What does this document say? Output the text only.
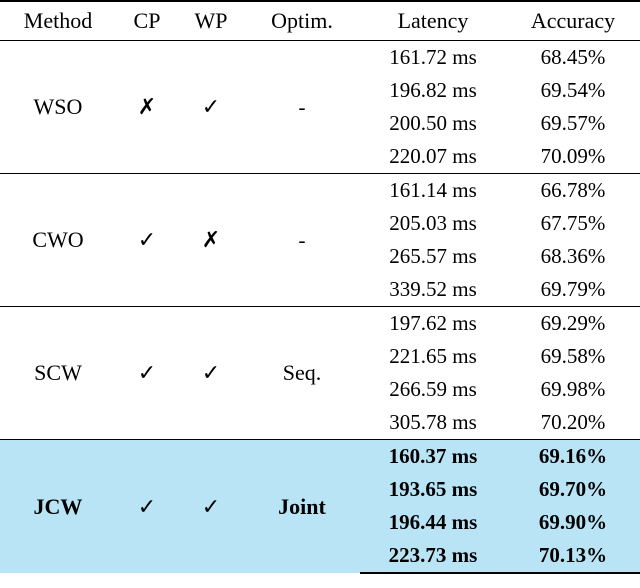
Method	CP	WP	Optim.	Latency	Accuracy
WSO	✗	✓	-	161.72 ms	68.45%
				196.82 ms	69.54%
				200.50 ms	69.57%
				220.07 ms	70.09%
CWO	✓	✗	-	161.14 ms	66.78%
				205.03 ms	67.75%
				265.57 ms	68.36%
				339.52 ms	69.79%
SCW	✓	✓	Seq.	197.62 ms	69.29%
				221.65 ms	69.58%
				266.59 ms	69.98%
				305.78 ms	70.20%
JCW	✓	✓	Joint	160.37 ms	69.16%
				193.65 ms	69.70%
				196.44 ms	69.90%
				223.73 ms	70.13%
